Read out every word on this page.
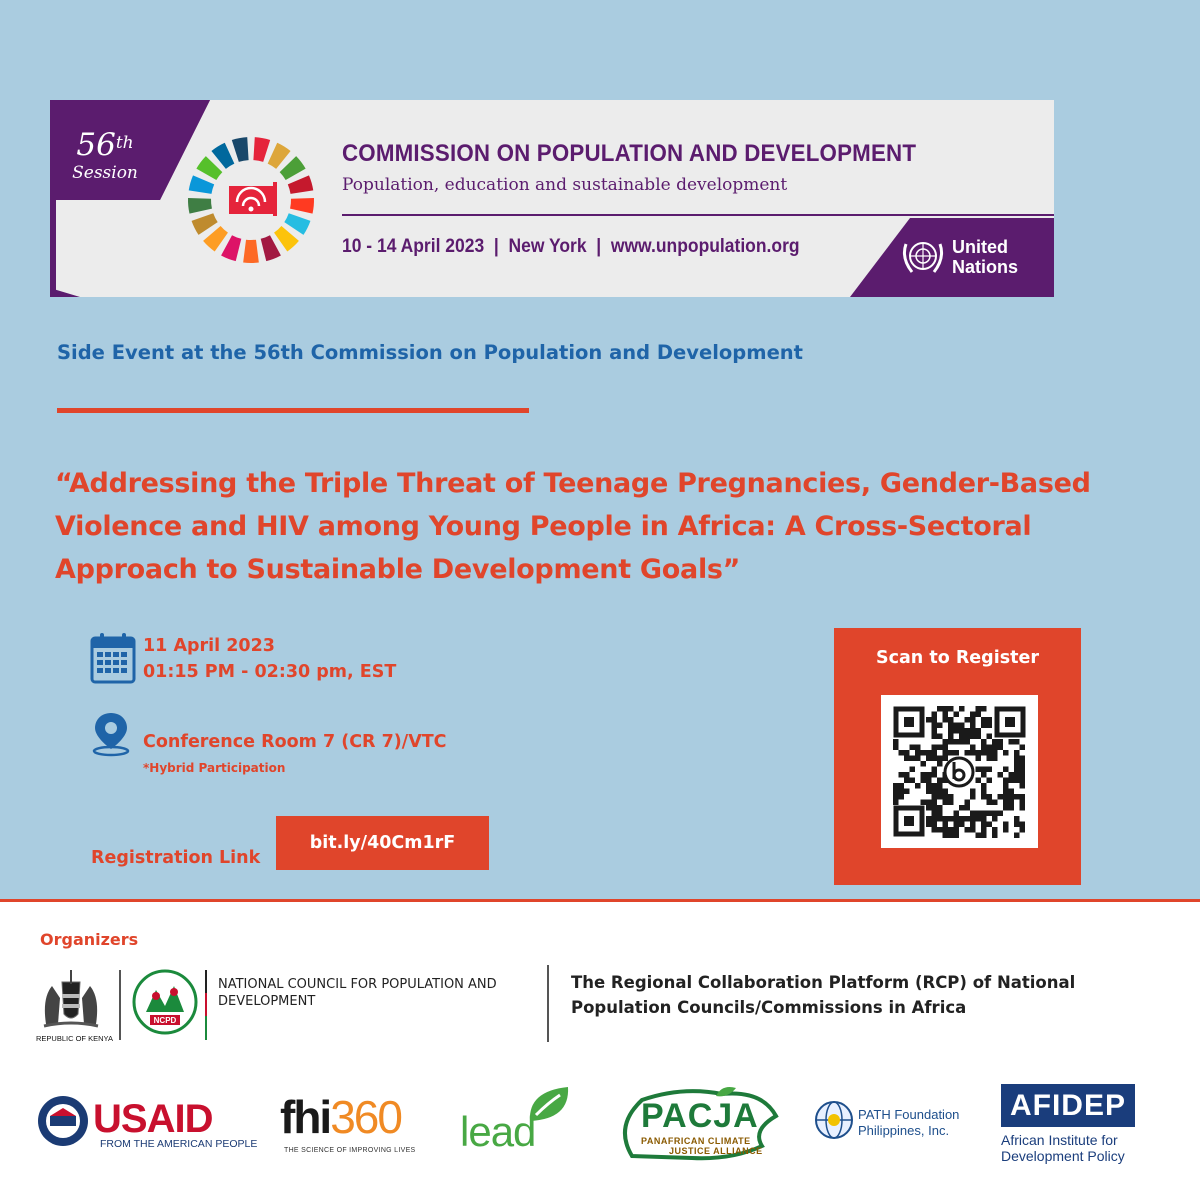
56th
Session
COMMISSION ON POPULATION AND DEVELOPMENT
Population, education and sustainable development
10 - 14 April 2023  |  New York  |  www.unpopulation.org	United
Nations
Side Event at the 56th Commission on Population and Development
“Addressing the Triple Threat of Teenage Pregnancies, Gender-Based Violence and HIV among Young People in Africa: A Cross-Sectoral Approach to Sustainable Development Goals”
11 April 2023
01:15 PM - 02:30 pm, EST
Conference Room 7 (CR 7)/VTC
*Hybrid Participation
Registration Link
bit.ly/40Cm1rF
Scan to Register
Organizers
REPUBLIC OF KENYA
NCPD
NATIONAL COUNCIL FOR POPULATION AND DEVELOPMENT
The Regional Collaboration Platform (RCP) of National Population Councils/Commissions in Africa
USAID
FROM THE AMERICAN PEOPLE
fhi360
THE SCIENCE OF IMPROVING LIVES lead	PACJA
PANAFRICAN CLIMATE
JUSTICE ALLIANCE
PATH Foundation
Philippines, Inc.
AFIDEP
African Institute for
Development Policy
